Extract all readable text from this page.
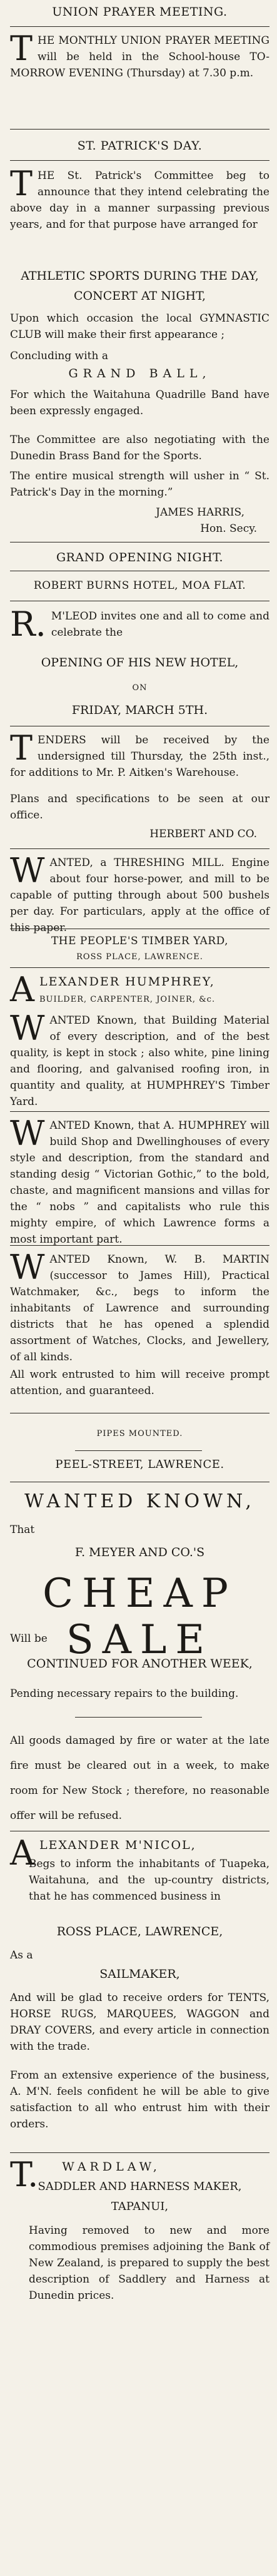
UNION PRAYER MEETING.
T HE MONTHLY UNION PRAYER MEETING will be held in the School-house TO-MORROW EVENING (Thursday) at 7.30 p.m.
ST. PATRICK'S DAY.
T HE St. Patrick's Committee beg to announce that they intend celebrating the above day in a manner surpassing previous years, and for that purpose have arranged for
ATHLETIC SPORTS DURING THE DAY,
CONCERT AT NIGHT,
Upon which occasion the local GYMNASTIC CLUB will make their first appearance ;
Concluding with a
GRAND BALL,
For which the Waitahuna Quadrille Band have been expressly engaged.
The Committee are also negotiating with the Dunedin Brass Band for the Sports.
The entire musical strength will usher in “ St. Patrick's Day in the morning.”
JAMES HARRIS,
Hon. Secy.
GRAND OPENING NIGHT.
ROBERT BURNS HOTEL, MOA FLAT.
R. M'LEOD invites one and all to come and celebrate the
OPENING OF HIS NEW HOTEL,
ON
FRIDAY, MARCH 5TH.
T ENDERS will be received by the undersigned till Thursday, the 25th inst., for additions to Mr. P. Aitken's Warehouse.
Plans and specifications to be seen at our office.
HERBERT AND CO.
W ANTED, a THRESHING MILL. Engine about four horse-power, and mill to be capable of putting through about 500 bushels per day. For particulars, apply at the office of this paper.
THE PEOPLE'S TIMBER YARD,
ROSS PLACE, LAWRENCE.
A LEXANDER HUMPHREY,
BUILDER, CARPENTER, JOINER, &c.
W ANTED Known, that Building Material of every description, and of the best quality, is kept in stock ; also white, pine lining and flooring, and galvanised roofing iron, in quantity and quality, at HUMPHREY'S Timber Yard.
W ANTED Known, that A. HUMPHREY will build Shop and Dwellinghouses of every style and description, from the standard and standing desig “ Victorian Gothic,” to the bold, chaste, and magnificent mansions and villas for the “ nobs ” and capitalists who rule this mighty empire, of which Lawrence forms a most important part.
W ANTED Known, W. B. MARTIN (successor to James Hill), Practical Watchmaker, &c., begs to inform the inhabitants of Lawrence and surrounding districts that he has opened a splendid assortment of Watches, Clocks, and Jewellery, of all kinds.
All work entrusted to him will receive prompt attention, and guaranteed.
PIPES MOUNTED.
PEEL-STREET, LAWRENCE.
WANTED KNOWN,
That
F. MEYER AND CO.'S
CHEAP SALE
Will be
CONTINUED FOR ANOTHER WEEK,
Pending necessary repairs to the building.
All goods damaged by fire or water at the late fire must be cleared out in a week, to make room for New Stock ; therefore, no reasonable offer will be refused.
A LEXANDER M'NICOL,
Begs to inform the inhabitants of Tuapeka, Waitahuna, and the up-country districts, that he has commenced business in
ROSS PLACE, LAWRENCE,
As a
SAILMAKER,
And will be glad to receive orders for TENTS, HORSE RUGS, MARQUEES, WAGGON and DRAY COVERS, and every article in connection with the trade.
From an extensive experience of the business, A. M'N. feels confident he will be able to give satisfaction to all who entrust him with their orders.
T. WARDLAW,
SADDLER AND HARNESS MAKER,
TAPANUI,
Having removed to new and more commodious premises adjoining the Bank of New Zealand, is prepared to supply the best description of Saddlery and Harness at Dunedin prices.
